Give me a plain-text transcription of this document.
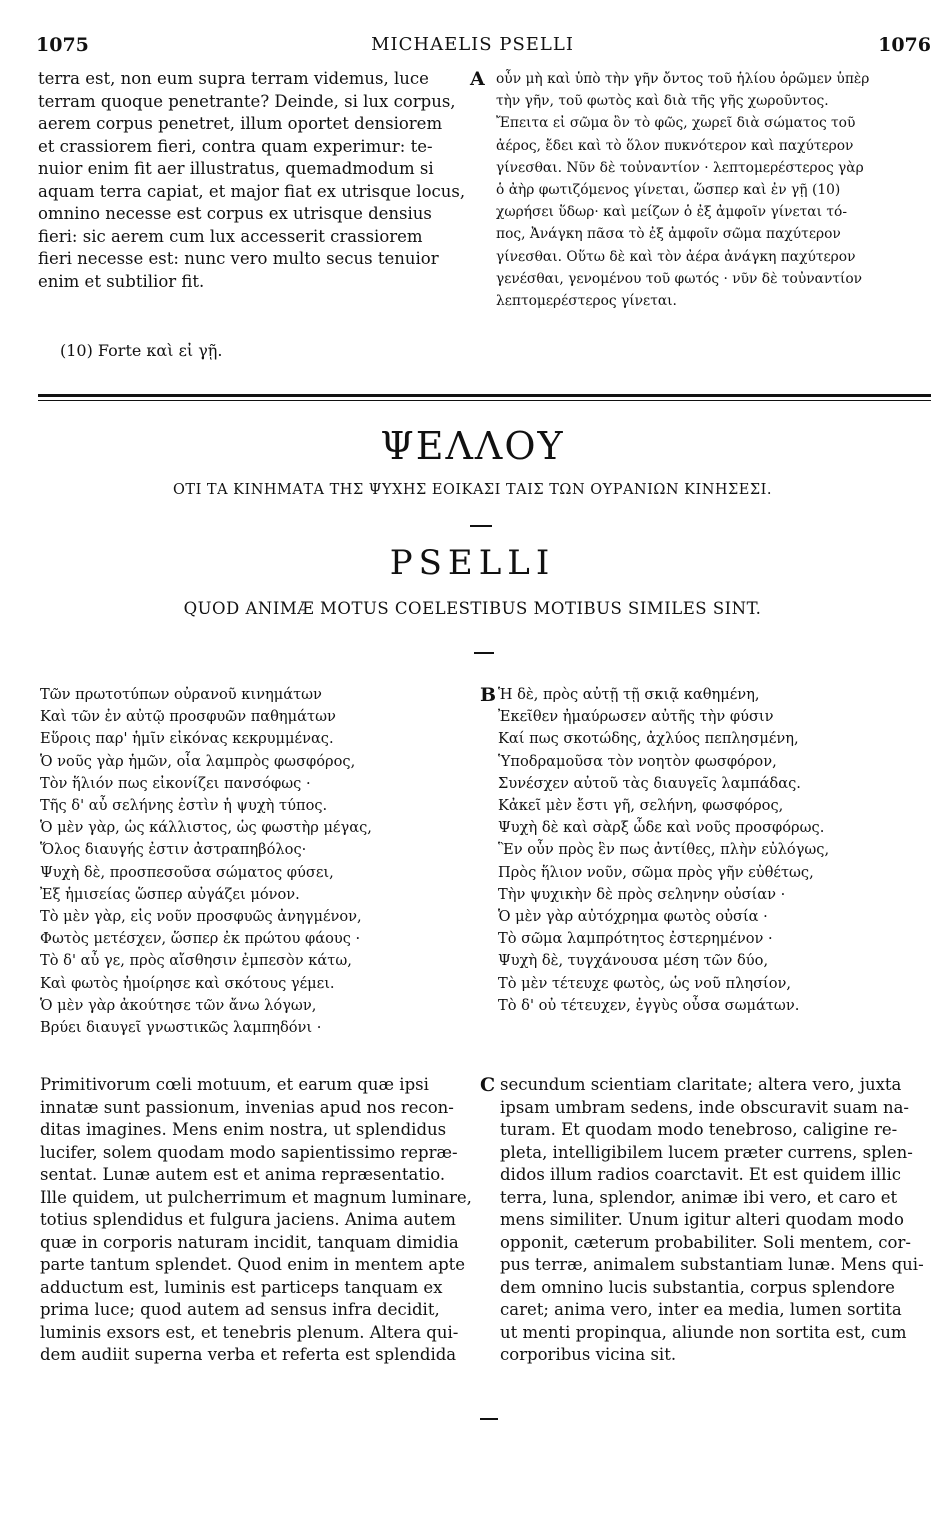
1075	MICHAELIS PSELLI	1076

terra est, non eum supra terram videmus, luce

terram quoque penetrante? Deinde, si lux corpus,

aerem corpus penetret, illum oportet densiorem

et crassiorem fieri, contra quam experimur: te-

nuior enim fit aer illustratus, quemadmodum si

aquam terra capiat, et major fiat ex utrisque locus,

omnino necesse est corpus ex utrisque densius

fieri: sic aerem cum lux accesserit crassiorem

fieri necesse est: nunc vero multo secus tenuior

enim et subtilior fit.

A οὖν μὴ καὶ ὑπὸ τὴν γῆν ὄντος τοῦ ἡλίου ὁρῶμεν ὑπὲρ

τὴν γῆν, τοῦ φωτὸς καὶ διὰ τῆς γῆς χωροῦντος.

Ἔπειτα εἰ σῶμα ὂν τὸ φῶς, χωρεῖ διὰ σώματος τοῦ

ἀέρος, ἔδει καὶ τὸ ὅλον πυκνότερον καὶ παχύτερον

γίνεσθαι. Νῦν δὲ τοὐναντίον · λεπτομερέστερος γὰρ

ὁ ἀὴρ φωτιζόμενος γίνεται, ὥσπερ καὶ ἐν γῇ (10)

χωρήσει ὕδωρ· καὶ μείζων ὁ ἐξ ἀμφοῖν γίνεται τό-

πος, Ἀνάγκη πᾶσα τὸ ἐξ ἀμφοῖν σῶμα παχύτερον

γίνεσθαι. Οὕτω δὲ καὶ τὸν ἀέρα ἀνάγκη παχύτερον

γενέσθαι, γενομένου τοῦ φωτός · νῦν δὲ τοὐναντίον

λεπτομερέστερος γίνεται.

(10) Forte καὶ εἰ γῇ.
ΨΕΛΛΟΥ
ΟΤΙ ΤΑ ΚΙΝΗΜΑΤΑ ΤΗΣ ΨΥΧΗΣ ΕΟΙΚΑΣΙ ΤΑΙΣ ΤΩΝ ΟΥΡΑΝΙΩΝ ΚΙΝΗΣΕΣΙ.
PSELLI
QUOD ANIMÆ MOTUS COELESTIBUS MOTIBUS SIMILES SINT.

Τῶν πρωτοτύπων οὐρανοῦ κινημάτων

Καὶ τῶν ἐν αὐτῷ προσφυῶν παθημάτων

Εὕροις παρ' ἡμῖν εἰκόνας κεκρυμμένας.

Ὁ νοῦς γὰρ ἡμῶν, οἷα λαμπρὸς φωσφόρος,

Τὸν ἥλιόν πως εἰκονίζει πανσόφως ·

Τῆς δ' αὖ σελήνης ἐστὶν ἡ ψυχὴ τύπος.

Ὁ μὲν γὰρ, ὡς κάλλιστος, ὡς φωστὴρ μέγας,

Ὅλος διαυγής ἐστιν ἀστραπηβόλος·

Ψυχὴ δὲ, προσπεσοῦσα σώματος φύσει,

Ἐξ ἡμισείας ὥσπερ αὐγάζει μόνον.

Τὸ μὲν γὰρ, εἰς νοῦν προσφυῶς ἀνηγμένον,

Φωτὸς μετέσχεν, ὥσπερ ἐκ πρώτου φάους ·

Τὸ δ' αὖ γε, πρὸς αἴσθησιν ἐμπεσὸν κάτω,

Καὶ φωτὸς ἠμοίρησε καὶ σκότους γέμει.

Ὁ μὲν γὰρ ἀκούτησε τῶν ἄνω λόγων,

Βρύει διαυγεῖ γνωστικῶς λαμπηδόνι ·

B Ἡ δὲ, πρὸς αὐτῇ τῇ σκιᾷ καθημένη,

Ἐκεῖθεν ἠμαύρωσεν αὐτῆς τὴν φύσιν

Καί πως σκοτώδης, ἀχλύος πεπλησμένη,

Ὑποδραμοῦσα τὸν νοητὸν φωσφόρον,

Συνέσχεν αὐτοῦ τὰς διαυγεῖς λαμπάδας.

Κἀκεῖ μὲν ἔστι γῆ, σελήνη, φωσφόρος,

Ψυχὴ δὲ καὶ σὰρξ ὧδε καὶ νοῦς προσφόρως.

Ἓν οὖν πρὸς ἓν πως ἀντίθες, πλὴν εὐλόγως,

Πρὸς ἥλιον νοῦν, σῶμα πρὸς γῆν εὐθέτως,

Τὴν ψυχικὴν δὲ πρὸς σεληνην οὐσίαν ·

Ὁ μὲν γὰρ αὐτόχρημα φωτὸς οὐσία ·

Τὸ σῶμα λαμπρότητος ἐστερημένον ·

Ψυχὴ δὲ, τυγχάνουσα μέση τῶν δύο,

Τὸ μὲν τέτευχε φωτὸς, ὡς νοῦ πλησίον,

Τὸ δ' οὐ τέτευχεν, ἐγγὺς οὖσα σωμάτων.

Primitivorum cœli motuum, et earum quæ ipsi

innatæ sunt passionum, invenias apud nos recon-

ditas imagines. Mens enim nostra, ut splendidus

lucifer, solem quodam modo sapientissimo repræ-

sentat. Lunæ autem est et anima repræsentatio.

Ille quidem, ut pulcherrimum et magnum luminare,

totius splendidus et fulgura jaciens. Anima autem

quæ in corporis naturam incidit, tanquam dimidia

parte tantum splendet. Quod enim in mentem apte

adductum est, luminis est particeps tanquam ex

prima luce; quod autem ad sensus infra decidit,

luminis exsors est, et tenebris plenum. Altera qui-

dem audiit superna verba et referta est splendida

C secundum scientiam claritate; altera vero, juxta

ipsam umbram sedens, inde obscuravit suam na-

turam. Et quodam modo tenebroso, caligine re-

pleta, intelligibilem lucem præter currens, splen-

didos illum radios coarctavit. Et est quidem illic

terra, luna, splendor, animæ ibi vero, et caro et

mens similiter. Unum igitur alteri quodam modo

opponit, cæterum probabiliter. Soli mentem, cor-

pus terræ, animalem substantiam lunæ. Mens qui-

dem omnino lucis substantia, corpus splendore

caret; anima vero, inter ea media, lumen sortita

ut menti propinqua, aliunde non sortita est, cum

corporibus vicina sit.
